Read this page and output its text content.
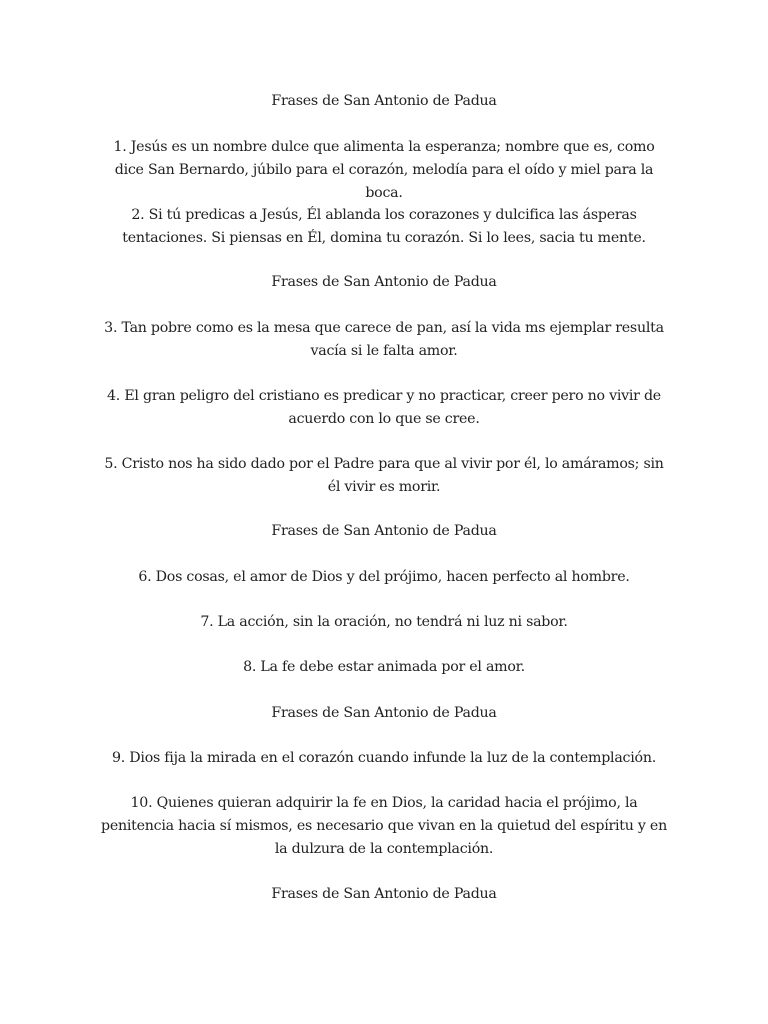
Frases de San Antonio de Padua

1. Jesús es un nombre dulce que alimenta la esperanza; nombre que es, como dice San Bernardo, júbilo para el corazón, melodía para el oído y miel para la boca.

2. Si tú predicas a Jesús, Él ablanda los corazones y dulcifica las ásperas tentaciones. Si piensas en Él, domina tu corazón. Si lo lees, sacia tu mente.

Frases de San Antonio de Padua

3. Tan pobre como es la mesa que carece de pan, así la vida ms ejemplar resulta vacía si le falta amor.

4. El gran peligro del cristiano es predicar y no practicar, creer pero no vivir de acuerdo con lo que se cree.

5. Cristo nos ha sido dado por el Padre para que al vivir por él, lo amáramos; sin él vivir es morir.

Frases de San Antonio de Padua

6. Dos cosas, el amor de Dios y del prójimo, hacen perfecto al hombre.

7. La acción, sin la oración, no tendrá ni luz ni sabor.

8. La fe debe estar animada por el amor.

Frases de San Antonio de Padua

9. Dios fija la mirada en el corazón cuando infunde la luz de la contemplación.

10. Quienes quieran adquirir la fe en Dios, la caridad hacia el prójimo, la penitencia hacia sí mismos, es necesario que vivan en la quietud del espíritu y en la dulzura de la contemplación.

Frases de San Antonio de Padua
